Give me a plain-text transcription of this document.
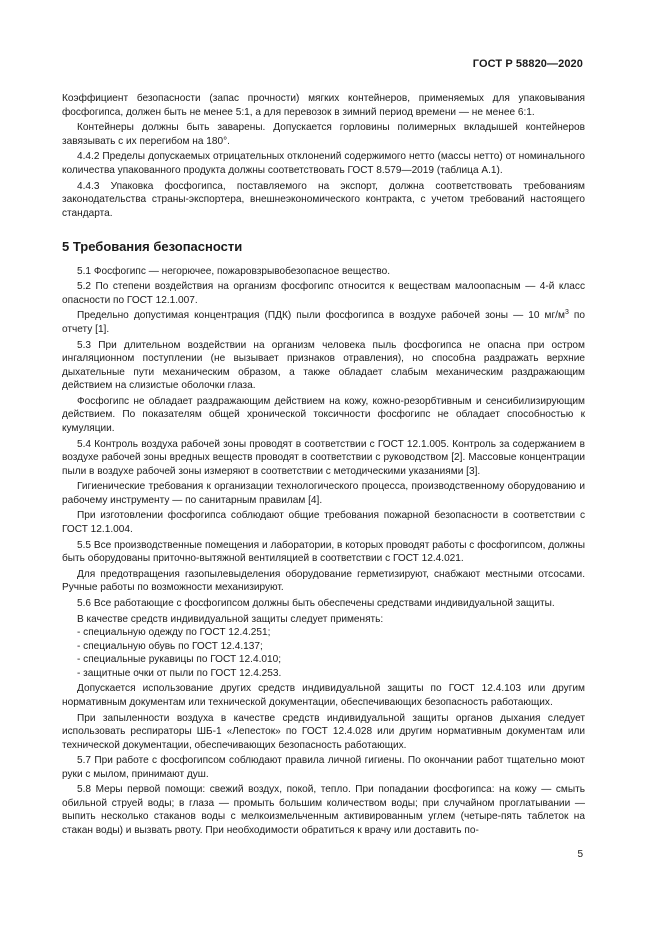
ГОСТ Р 58820—2020

Коэффициент безопасности (запас прочности) мягких контейнеров, применяемых для упаковывания фосфогипса, должен быть не менее 5:1, а для перевозок в зимний период времени — не менее 6:1.

Контейнеры должны быть заварены. Допускается горловины полимерных вкладышей контейнеров завязывать с их перегибом на 180°.

4.4.2 Пределы допускаемых отрицательных отклонений содержимого нетто (массы нетто) от номинального количества упакованного продукта должны соответствовать ГОСТ 8.579—2019 (таблица А.1).

4.4.3 Упаковка фосфогипса, поставляемого на экспорт, должна соответствовать требованиям законодательства страны-экспортера, внешнеэкономического контракта, с учетом требований настоящего стандарта.

5 Требования безопасности

5.1 Фосфогипс — негорючее, пожаровзрывобезопасное вещество.

5.2 По степени воздействия на организм фосфогипс относится к веществам малоопасным — 4-й класс опасности по ГОСТ 12.1.007.

Предельно допустимая концентрация (ПДК) пыли фосфогипса в воздухе рабочей зоны — 10 $мг/м^3$ по отчету [1].

5.3 При длительном воздействии на организм человека пыль фосфогипса не опасна при остром ингаляционном поступлении (не вызывает признаков отравления), но способна раздражать верхние дыхательные пути механическим образом, а также обладает слабым механическим раздражающим действием на слизистые оболочки глаза.

Фосфогипс не обладает раздражающим действием на кожу, кожно-резорбтивным и сенсибилизирующим действием. По показателям общей хронической токсичности фосфогипс не обладает способностью к кумуляции.

5.4 Контроль воздуха рабочей зоны проводят в соответствии с ГОСТ 12.1.005. Контроль за содержанием в воздухе рабочей зоны вредных веществ проводят в соответствии с руководством [2]. Массовые концентрации пыли в воздухе рабочей зоны измеряют в соответствии с методическими указаниями [3].

Гигиенические требования к организации технологического процесса, производственному оборудованию и рабочему инструменту — по санитарным правилам [4].

При изготовлении фосфогипса соблюдают общие требования пожарной безопасности в соответствии с ГОСТ 12.1.004.

5.5 Все производственные помещения и лаборатории, в которых проводят работы с фосфогипсом, должны быть оборудованы приточно-вытяжной вентиляцией в соответствии с ГОСТ 12.4.021.

Для предотвращения газопылевыделения оборудование герметизируют, снабжают местными отсосами. Ручные работы по возможности механизируют.

5.6 Все работающие с фосфогипсом должны быть обеспечены средствами индивидуальной защиты.

В качестве средств индивидуальной защиты следует применять:

- специальную одежду по ГОСТ 12.4.251;
- специальную обувь по ГОСТ 12.4.137;
- специальные рукавицы по ГОСТ 12.4.010;
- защитные очки от пыли по ГОСТ 12.4.253.

Допускается использование других средств индивидуальной защиты по ГОСТ 12.4.103 или другим нормативным документам или технической документации, обеспечивающих безопасность работающих.

При запыленности воздуха в качестве средств индивидуальной защиты органов дыхания следует использовать респираторы ШБ-1 «Лепесток» по ГОСТ 12.4.028 или другим нормативным документам или технической документации, обеспечивающих безопасность работающих.

5.7 При работе с фосфогипсом соблюдают правила личной гигиены. По окончании работ тщательно моют руки с мылом, принимают душ.

5.8 Меры первой помощи: свежий воздух, покой, тепло. При попадании фосфогипса: на кожу — смыть обильной струей воды; в глаза — промыть большим количеством воды; при случайном проглатывании — выпить несколько стаканов воды с мелкоизмельченным активированным углем (четыре-пять таблеток на стакан воды) и вызвать рвоту. При необходимости обратиться к врачу или доставить по-

5
